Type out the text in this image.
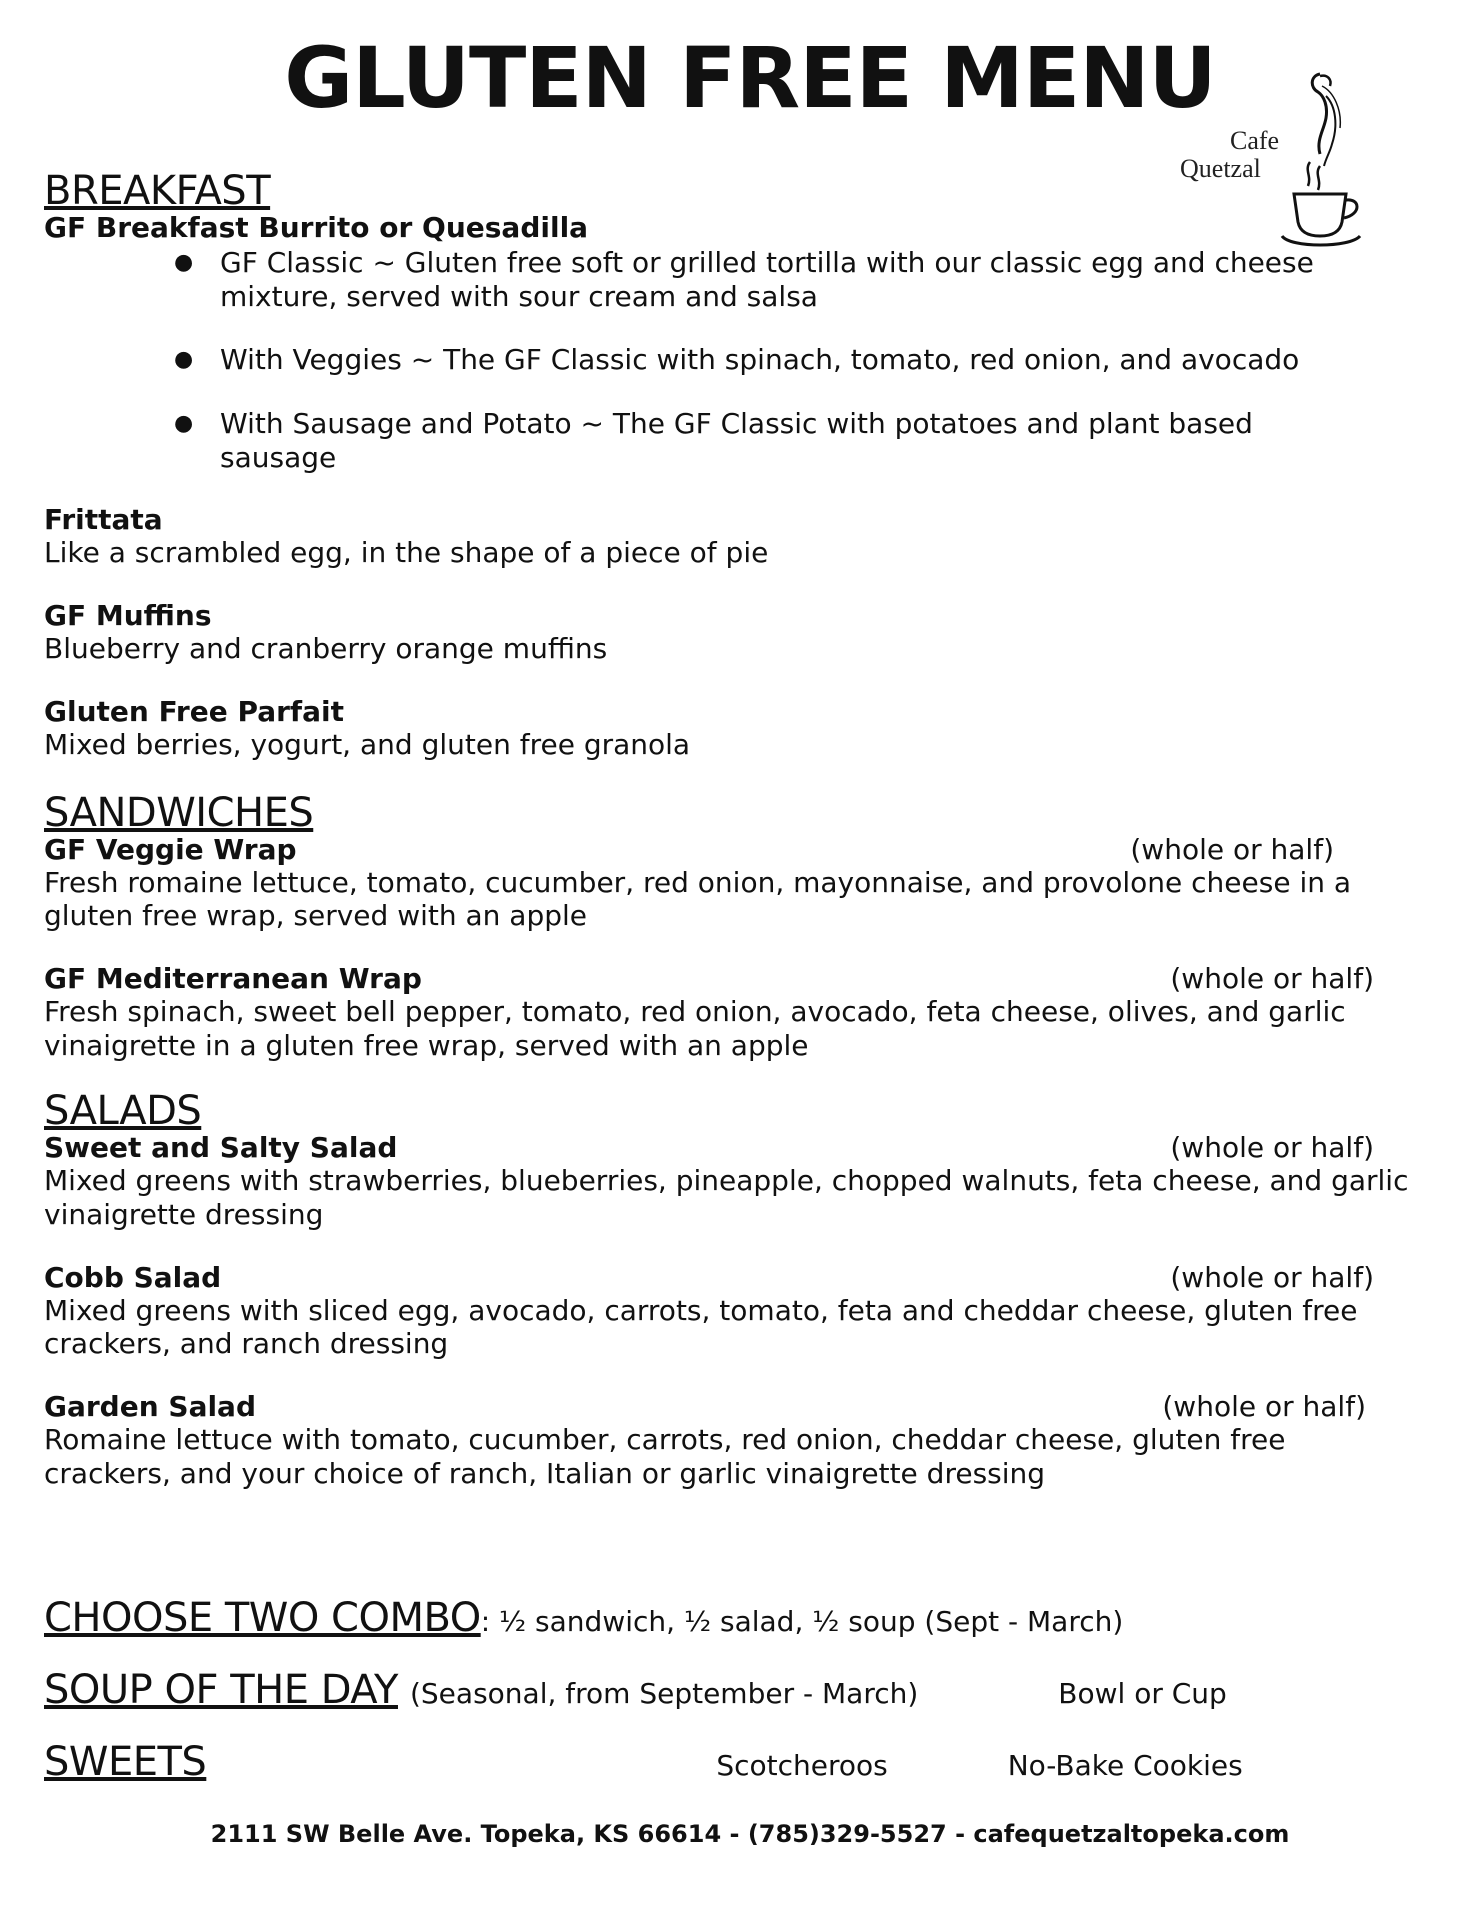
GLUTEN FREE MENU
Cafe
Quetzal
BREAKFAST
GF Breakfast Burrito or Quesadilla
● GF Classic ~ Gluten free soft or grilled tortilla with our classic egg and cheese mixture, served with sour cream and salsa
● With Veggies ~ The GF Classic with spinach, tomato, red onion, and avocado
● With Sausage and Potato ~ The GF Classic with potatoes and plant based sausage
Frittata
Like a scrambled egg, in the shape of a piece of pie
GF Muffins
Blueberry and cranberry orange muffins
Gluten Free Parfait
Mixed berries, yogurt, and gluten free granola
SANDWICHES
GF Veggie Wrap	(whole or half)
Fresh romaine lettuce, tomato, cucumber, red onion, mayonnaise, and provolone cheese in a gluten free wrap, served with an apple
GF Mediterranean Wrap	(whole or half)
Fresh spinach, sweet bell pepper, tomato, red onion, avocado, feta cheese, olives, and garlic vinaigrette in a gluten free wrap, served with an apple
SALADS
Sweet and Salty Salad	(whole or half)
Mixed greens with strawberries, blueberries, pineapple, chopped walnuts, feta cheese, and garlic vinaigrette dressing
Cobb Salad	(whole or half)
Mixed greens with sliced egg, avocado, carrots, tomato, feta and cheddar cheese, gluten free crackers, and ranch dressing
Garden Salad	(whole or half)
Romaine lettuce with tomato, cucumber, carrots, red onion, cheddar cheese, gluten free crackers, and your choice of ranch, Italian or garlic vinaigrette dressing
CHOOSE TWO COMBO : ½ sandwich, ½ salad, ½ soup (Sept - March)
SOUP OF THE DAY (Seasonal, from September - March)	Bowl or Cup
SWEETS	Scotcheroos	No-Bake Cookies
2111 SW Belle Ave. Topeka, KS 66614 - (785)329-5527 - cafequetzaltopeka.com
